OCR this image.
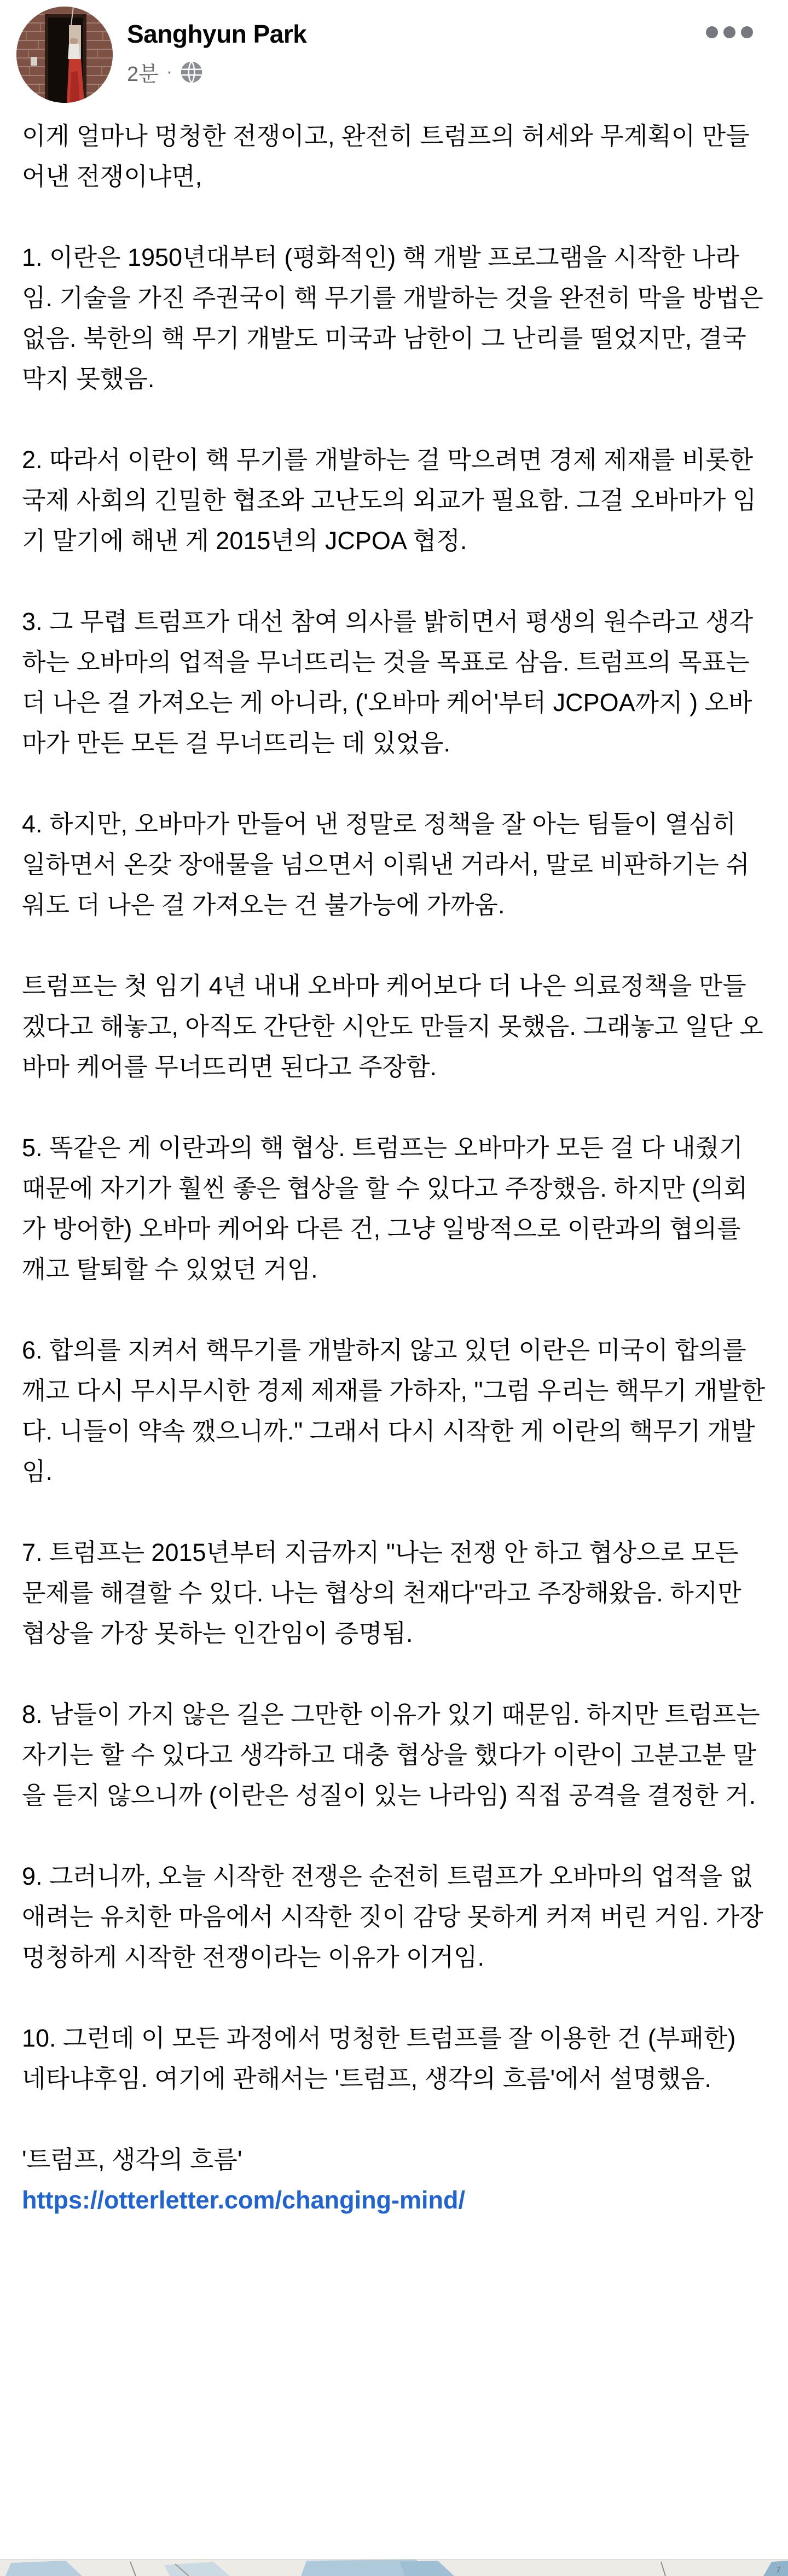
Sanghyun Park
2분 ·

이게 얼마나 멍청한 전쟁이고, 완전히 트럼프의 허세와 무계획이 만들어낸 전쟁이냐면,

1. 이란은 1950년대부터 (평화적인) 핵 개발 프로그램을 시작한 나라임. 기술을 가진 주권국이 핵 무기를 개발하는 것을 완전히 막을 방법은 없음. 북한의 핵 무기 개발도 미국과 남한이 그 난리를 떨었지만, 결국 막지 못했음.

2. 따라서 이란이 핵 무기를 개발하는 걸 막으려면 경제 제재를 비롯한 국제 사회의 긴밀한 협조와 고난도의 외교가 필요함. 그걸 오바마가 임기 말기에 해낸 게 2015년의 JCPOA 협정.

3. 그 무렵 트럼프가 대선 참여 의사를 밝히면서 평생의 원수라고 생각하는 오바마의 업적을 무너뜨리는 것을 목표로 삼음. 트럼프의 목표는 더 나은 걸 가져오는 게 아니라, ('오바마 케어'부터 JCPOA까지 ) 오바마가 만든 모든 걸 무너뜨리는 데 있었음.

4. 하지만, 오바마가 만들어 낸 정말로 정책을 잘 아는 팀들이 열심히 일하면서 온갖 장애물을 넘으면서 이뤄낸 거라서, 말로 비판하기는 쉬워도 더 나은 걸 가져오는 건 불가능에 가까움.

트럼프는 첫 임기 4년 내내 오바마 케어보다 더 나은 의료정책을 만들겠다고 해놓고, 아직도 간단한 시안도 만들지 못했음. 그래놓고 일단 오바마 케어를 무너뜨리면 된다고 주장함.

5. 똑같은 게 이란과의 핵 협상. 트럼프는 오바마가 모든 걸 다 내줬기 때문에 자기가 훨씬 좋은 협상을 할 수 있다고 주장했음. 하지만 (의회가 방어한) 오바마 케어와 다른 건, 그냥 일방적으로 이란과의 협의를 깨고 탈퇴할 수 있었던 거임.

6. 합의를 지켜서 핵무기를 개발하지 않고 있던 이란은 미국이 합의를 깨고 다시 무시무시한 경제 제재를 가하자, "그럼 우리는 핵무기 개발한다. 니들이 약속 깼으니까." 그래서 다시 시작한 게 이란의 핵무기 개발임.

7. 트럼프는 2015년부터 지금까지 "나는 전쟁 안 하고 협상으로 모든 문제를 해결할 수 있다. 나는 협상의 천재다"라고 주장해왔음. 하지만 협상을 가장 못하는 인간임이 증명됨.

8. 남들이 가지 않은 길은 그만한 이유가 있기 때문임. 하지만 트럼프는 자기는 할 수 있다고 생각하고 대충 협상을 했다가 이란이 고분고분 말을 듣지 않으니까 (이란은 성질이 있는 나라임) 직접 공격을 결정한 거.

9. 그러니까, 오늘 시작한 전쟁은 순전히 트럼프가 오바마의 업적을 없애려는 유치한 마음에서 시작한 짓이 감당 못하게 커져 버린 거임. 가장 멍청하게 시작한 전쟁이라는 이유가 이거임.

10. 그런데 이 모든 과정에서 멍청한 트럼프를 잘 이용한 건 (부패한) 네타냐후임. 여기에 관해서는 '트럼프, 생각의 흐름'에서 설명했음.

'트럼프, 생각의 흐름'

https://otterletter.com/changing-mind/

7
